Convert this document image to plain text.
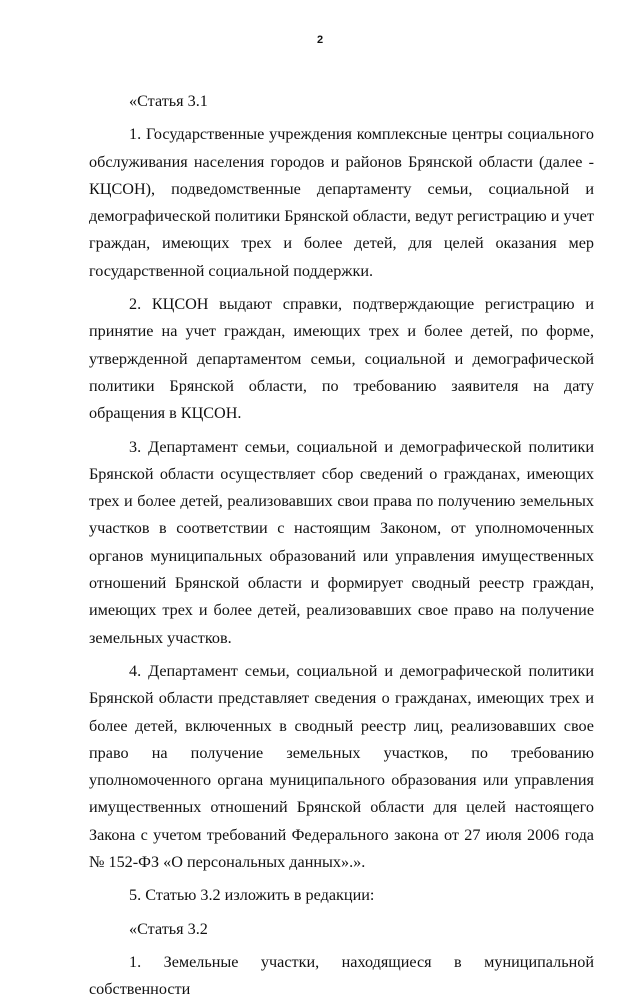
2

«Статья 3.1

1. Государственные учреждения комплексные центры социального обслуживания населения городов и районов Брянской области (далее - КЦСОН), подведомственные департаменту семьи, социальной и демографической политики Брянской области, ведут регистрацию и учет граждан, имеющих трех и более детей, для целей оказания мер государственной социальной поддержки.

2. КЦСОН выдают справки, подтверждающие регистрацию и принятие на учет граждан, имеющих трех и более детей, по форме, утвержденной департаментом семьи, социальной и демографической политики Брянской области, по требованию заявителя на дату обращения в КЦСОН.

3. Департамент семьи, социальной и демографической политики Брянской области осуществляет сбор сведений о гражданах, имеющих трех и более детей, реализовавших свои права по получению земельных участков в соответствии с настоящим Законом, от уполномоченных органов муниципальных образований или управления имущественных отношений Брянской области и формирует сводный реестр граждан, имеющих трех и более детей, реализовавших свое право на получение земельных участков.

4. Департамент семьи, социальной и демографической политики Брянской области представляет сведения о гражданах, имеющих трех и более детей, включенных в сводный реестр лиц, реализовавших свое право на получение земельных участков, по требованию уполномоченного органа муниципального образования или управления имущественных отношений Брянской области для целей настоящего Закона с учетом требований Федерального закона от 27 июля 2006 года № 152-ФЗ «О персональных данных».».

5. Статью 3.2 изложить в редакции:

«Статья 3.2

1. Земельные участки, находящиеся в муниципальной собственности
